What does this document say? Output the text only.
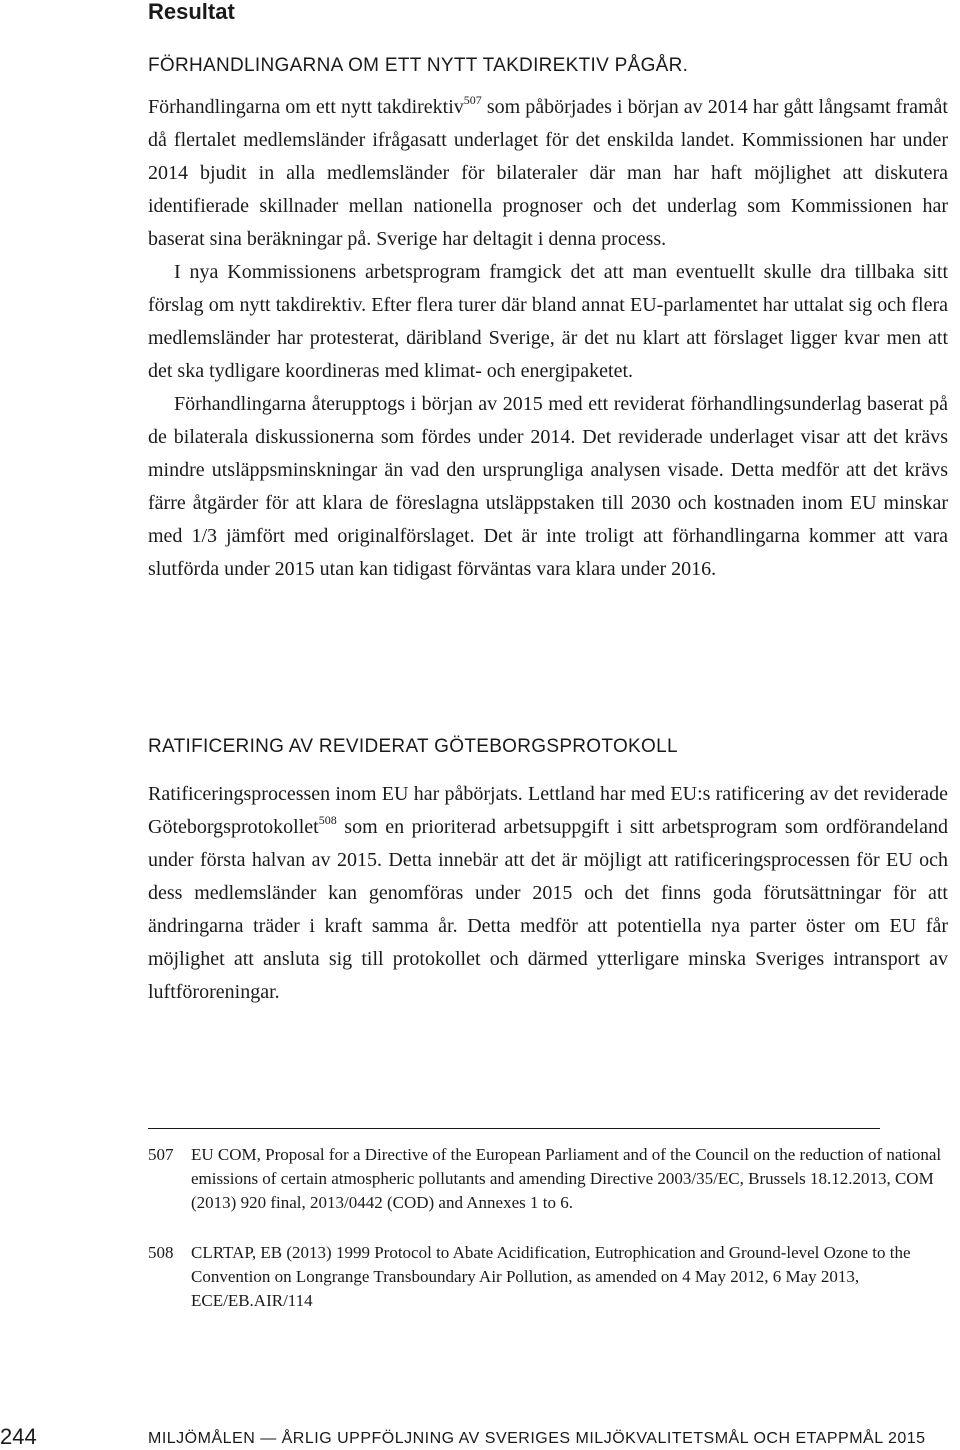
Resultat
FÖRHANDLINGARNA OM ETT NYTT TAKDIREKTIV PÅGÅR.

Förhandlingarna om ett nytt takdirektiv$^{507}$ som påbörjades i början av 2014 har gått långsamt framåt då flertalet medlemsländer ifrågasatt underlaget för det enskilda landet. Kommissionen har under 2014 bjudit in alla medlemsländer för bilateraler där man har haft möjlighet att diskutera identifierade skillnader mellan nationella prognoser och det underlag som Kommissionen har baserat sina beräkningar på. Sverige har deltagit i denna process.

I nya Kommissionens arbetsprogram framgick det att man eventuellt skulle dra tillbaka sitt förslag om nytt takdirektiv. Efter flera turer där bland annat EU-parlamentet har uttalat sig och flera medlemsländer har protesterat, däribland Sverige, är det nu klart att förslaget ligger kvar men att det ska tydligare koordineras med klimat- och energipaketet.

Förhandlingarna återupptogs i början av 2015 med ett reviderat förhandlingsunderlag baserat på de bilaterala diskussionerna som fördes under 2014. Det reviderade underlaget visar att det krävs mindre utsläppsminskningar än vad den ursprungliga analysen visade. Detta medför att det krävs färre åtgärder för att klara de föreslagna utsläppstaken till 2030 och kostnaden inom EU minskar med 1/3 jämfört med originalförslaget. Det är inte troligt att förhandlingarna kommer att vara slutförda under 2015 utan kan tidigast förväntas vara klara under 2016.

RATIFICERING AV REVIDERAT GÖTEBORGSPROTOKOLL

Ratificeringsprocessen inom EU har påbörjats. Lettland har med EU:s ratificering av det reviderade Göteborgsprotokollet$^{508}$ som en prioriterad arbetsuppgift i sitt arbetsprogram som ordförandeland under första halvan av 2015. Detta innebär att det är möjligt att ratificeringsprocessen för EU och dess medlemsländer kan genomföras under 2015 och det finns goda förutsättningar för att ändringarna träder i kraft samma år. Detta medför att potentiella nya parter öster om EU får möjlighet att ansluta sig till protokollet och därmed ytterligare minska Sveriges intransport av luftföroreningar.

507	EU COM, Proposal for a Directive of the European Parliament and of the Council on the reduction of national emissions of certain atmospheric pollutants and amending Directive 2003/35/EC, Brussels 18.12.2013, COM (2013) 920 final, 2013/0442 (COD) and Annexes 1 to 6.
508	CLRTAP, EB (2013) 1999 Protocol to Abate Acidification, Eutrophication and Ground-level Ozone to the Convention on Longrange Transboundary Air Pollution, as amended on 4 May 2012, 6 May 2013, ECE/EB.AIR/114
244	MILJÖMÅLEN — ÅRLIG UPPFÖLJNING AV SVERIGES MILJÖKVALITETSMÅL OCH ETAPPMÅL 2015
